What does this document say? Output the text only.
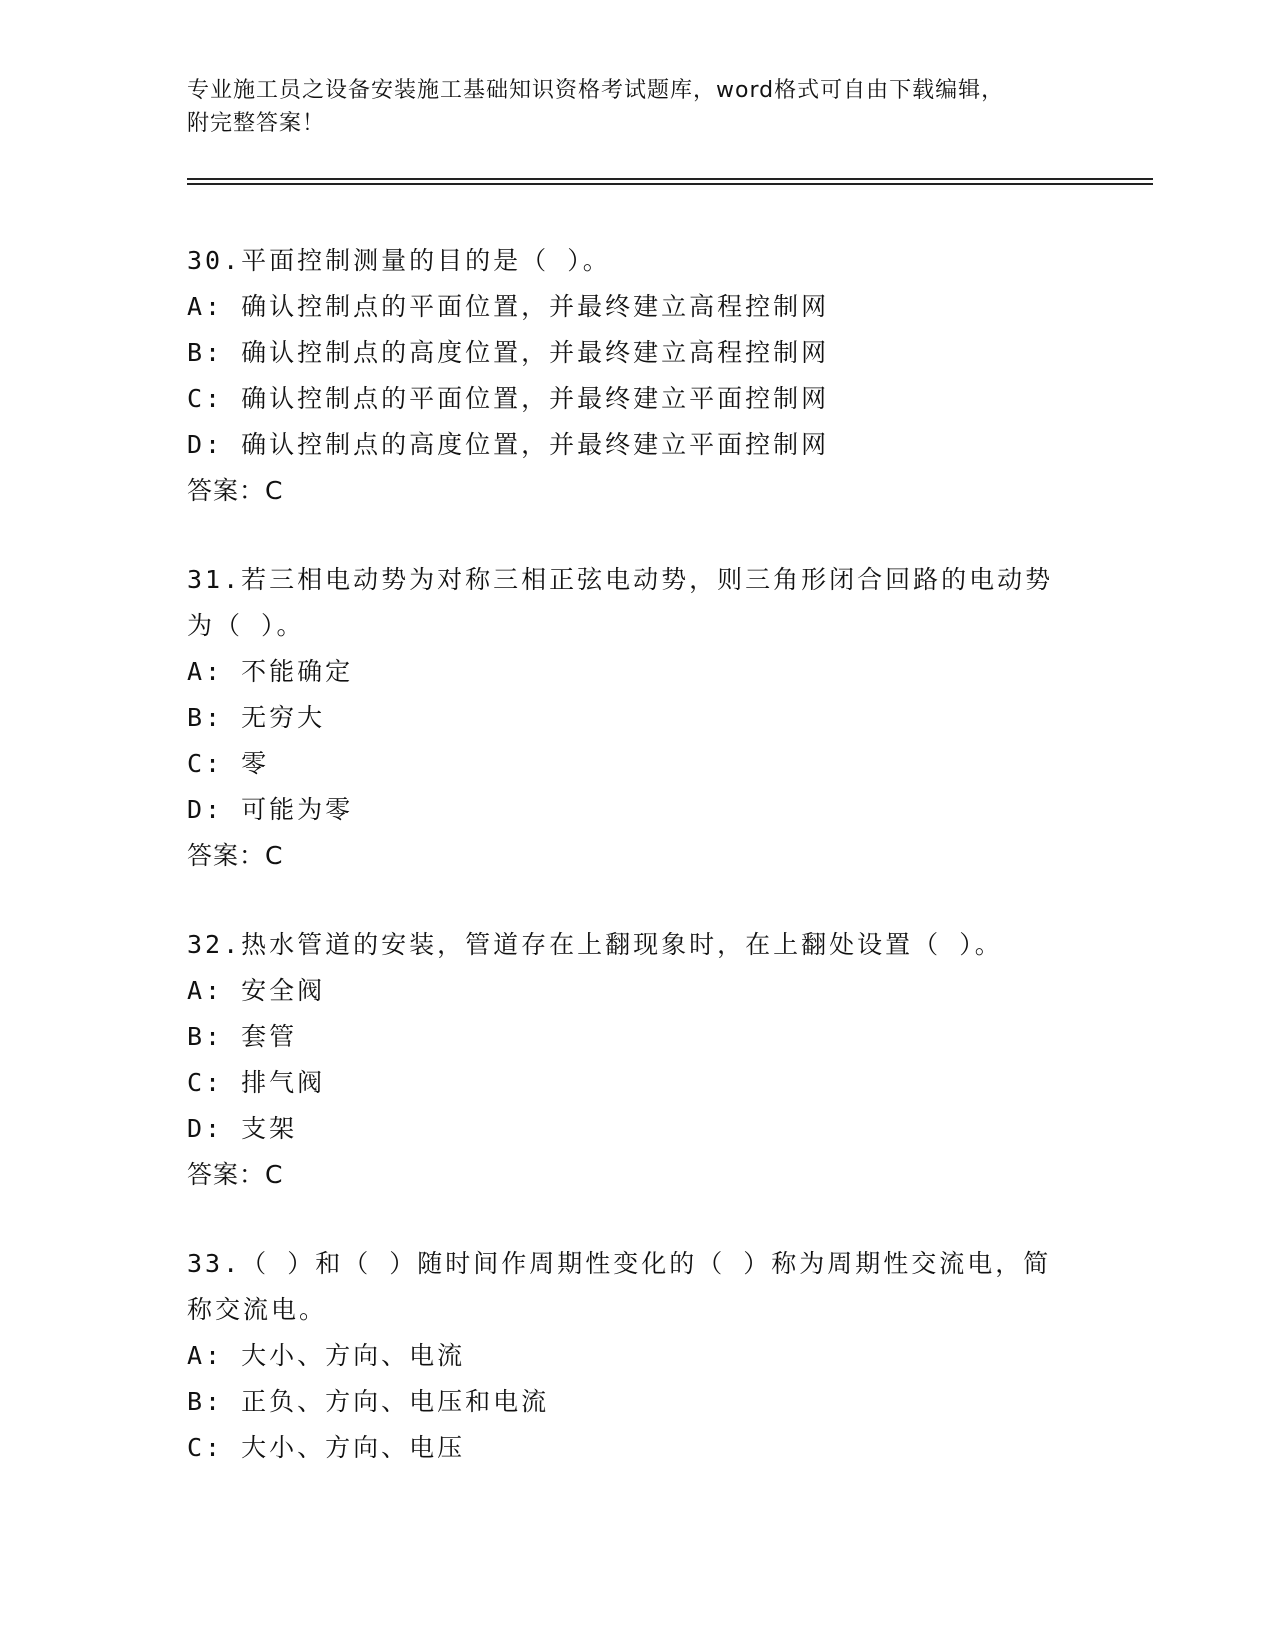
专业施工员之设备安装施工基础知识资格考试题库，word格式可自由下载编辑，
附完整答案！
30.平面控制测量的目的是（ ）。
A: 确认控制点的平面位置，并最终建立高程控制网
B: 确认控制点的高度位置，并最终建立高程控制网
C: 确认控制点的平面位置，并最终建立平面控制网
D: 确认控制点的高度位置，并最终建立平面控制网
答案：C
31.若三相电动势为对称三相正弦电动势，则三角形闭合回路的电动势
为（ ）。
A: 不能确定
B: 无穷大
C: 零
D: 可能为零
答案：C
32.热水管道的安装，管道存在上翻现象时，在上翻处设置（ ）。
A: 安全阀
B: 套管
C: 排气阀
D: 支架
答案：C
33.（ ）和（ ）随时间作周期性变化的（ ）称为周期性交流电，简
称交流电。
A: 大小、方向、电流
B: 正负、方向、电压和电流
C: 大小、方向、电压
